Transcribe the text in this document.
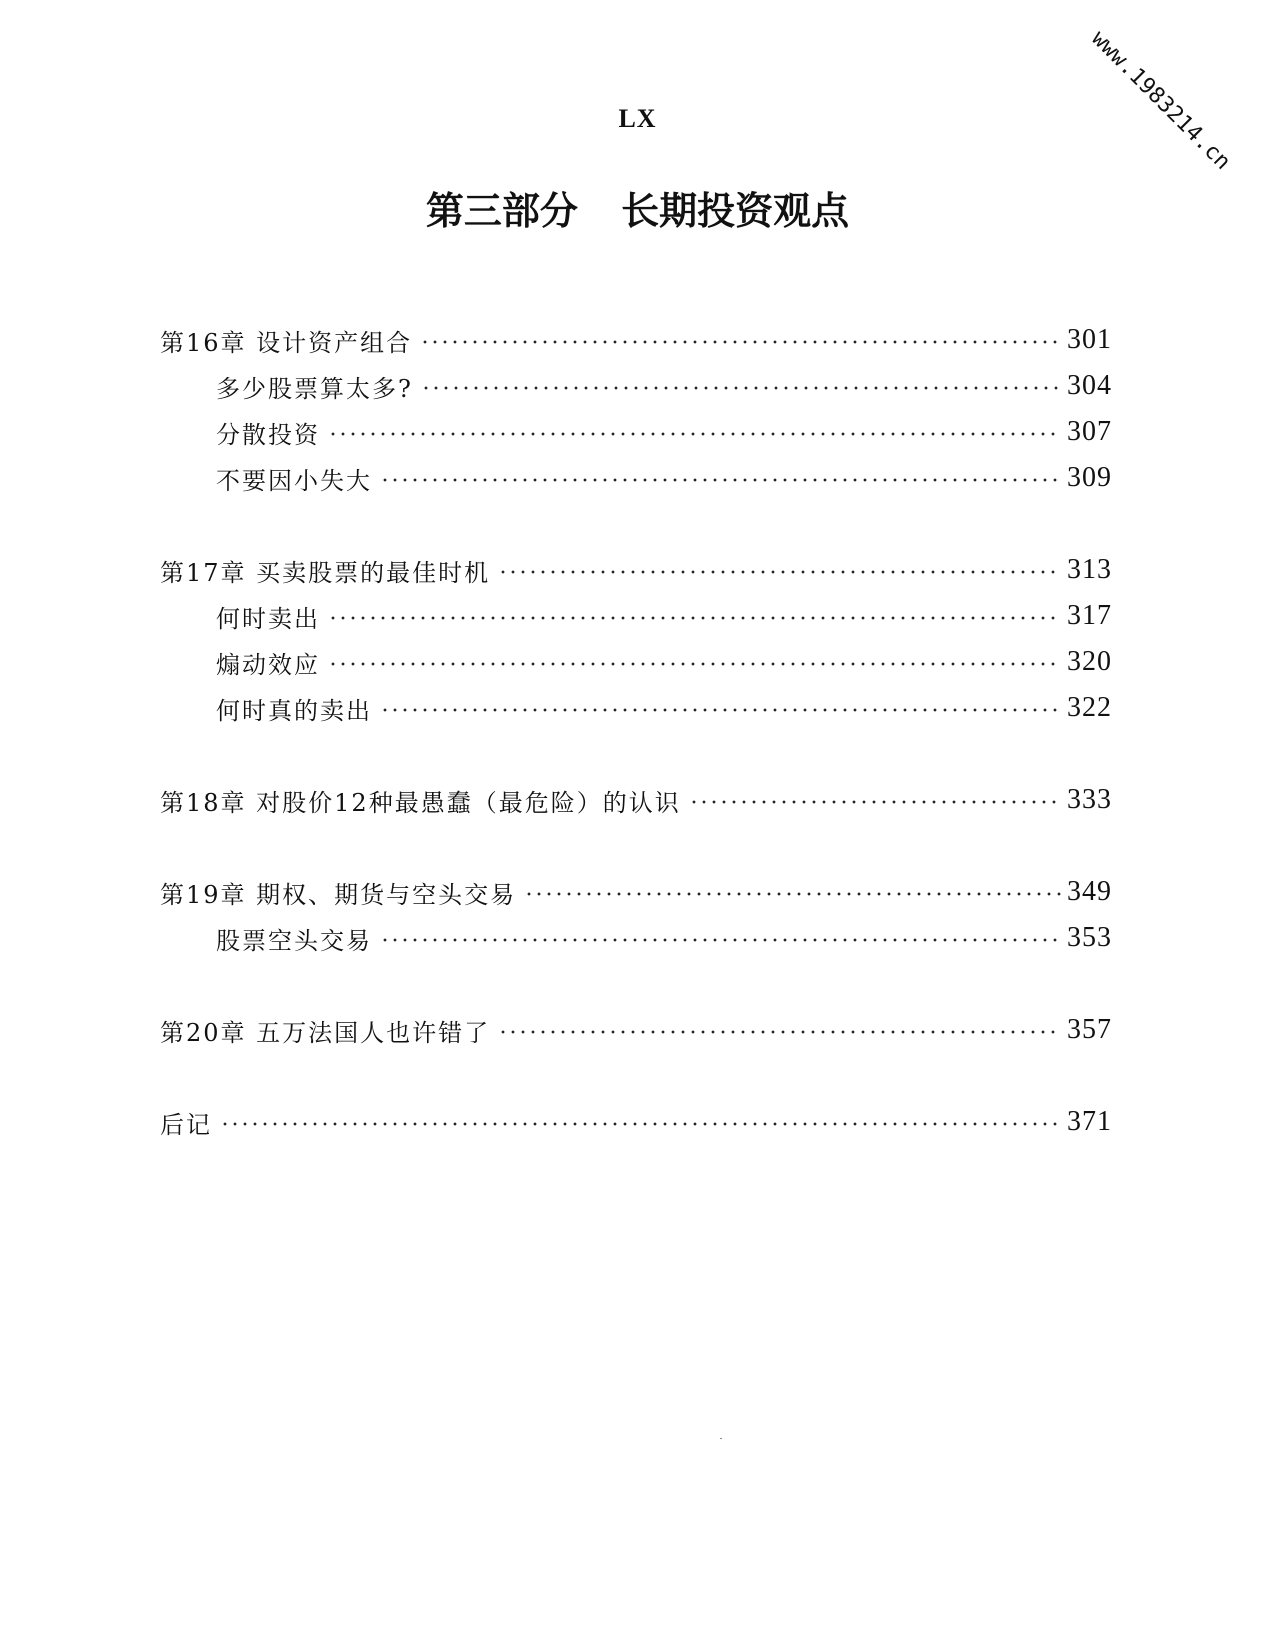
www.1983214.cn
LX
第三部分 长期投资观点
第16章 设计资产组合	301
多少股票算太多?	304
分散投资	307
不要因小失大	309
第17章 买卖股票的最佳时机	313
何时卖出	317
煽动效应	320
何时真的卖出	322
第18章 对股价12种最愚蠢（最危险）的认识	333
第19章 期权、期货与空头交易	349
股票空头交易	353
第20章 五万法国人也许错了	357
后记	371
